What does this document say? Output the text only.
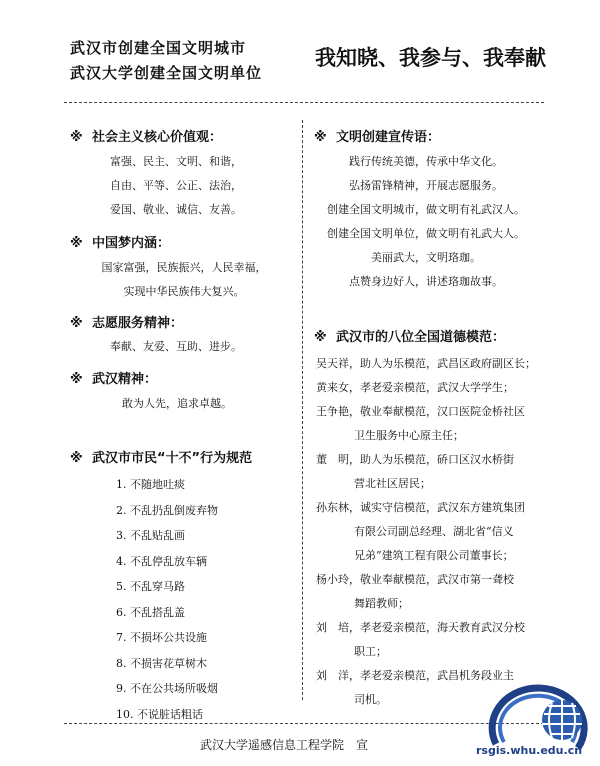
武汉市创建全国文明城市
武汉大学创建全国文明单位
我知晓、我参与、我奉献
※ 社会主义核心价值观：
富强、民主、文明、和谐，
自由、平等、公正、法治，
爱国、敬业、诚信、友善。
※ 中国梦内涵：
国家富强，民族振兴，人民幸福，
实现中华民族伟大复兴。
※ 志愿服务精神：
奉献、友爱、互助、进步。
※ 武汉精神：
敢为人先，追求卓越。
※ 武汉市市民“十不”行为规范
1. 不随地吐痰
2. 不乱扔乱倒废弃物
3. 不乱贴乱画
4. 不乱停乱放车辆
5. 不乱穿马路
6. 不乱搭乱盖
7. 不损坏公共设施
8. 不损害花草树木
9. 不在公共场所吸烟
10. 不说脏话粗话
※ 文明创建宣传语：
践行传统美德，传承中华文化。
弘扬雷锋精神，开展志愿服务。
创建全国文明城市，做文明有礼武汉人。
创建全国文明单位，做文明有礼武大人。
美丽武大，文明珞珈。
点赞身边好人，讲述珞珈故事。
※ 武汉市的八位全国道德模范：
吴天祥，助人为乐模范，武昌区政府副区长；
黄来女，孝老爱亲模范，武汉大学学生；
王争艳，敬业奉献模范，汉口医院金桥社区
卫生服务中心原主任；
董　明，助人为乐模范，硚口区汉水桥街
营北社区居民；
孙东林，诚实守信模范，武汉东方建筑集团
有限公司副总经理、湖北省“信义
兄弟”建筑工程有限公司董事长；
杨小玲，敬业奉献模范，武汉市第一聋校
舞蹈教师；
刘　培，孝老爱亲模范，海天教育武汉分校
职工；
刘　洋，孝老爱亲模范，武昌机务段业主
司机。
武汉大学遥感信息工程学院　宣	rsgis.whu.edu.cn
